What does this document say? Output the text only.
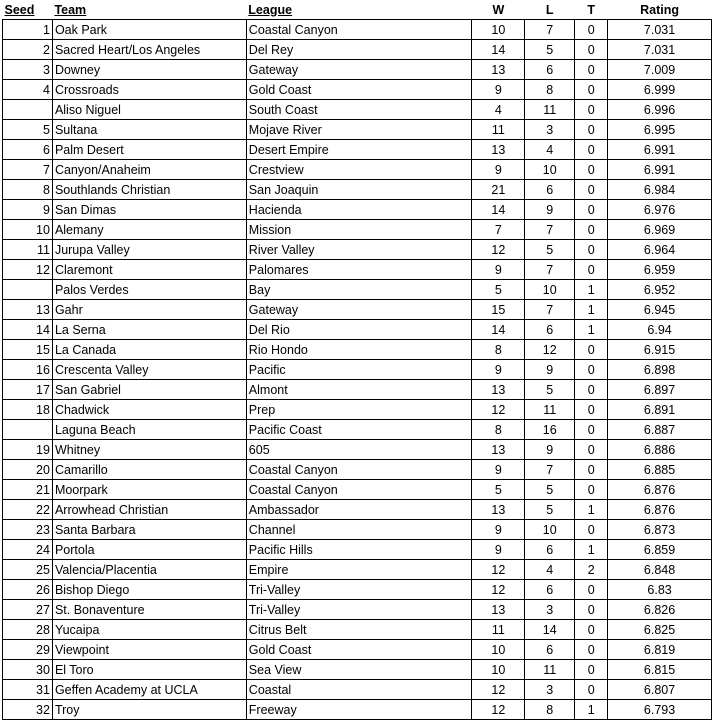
Seed	Team	League	W	L	T	Rating
1	Oak Park	Coastal Canyon	10	7	0	7.031
2	Sacred Heart/Los Angeles	Del Rey	14	5	0	7.031
3	Downey	Gateway	13	6	0	7.009
4	Crossroads	Gold Coast	9	8	0	6.999
	Aliso Niguel	South Coast	4	11	0	6.996
5	Sultana	Mojave River	11	3	0	6.995
6	Palm Desert	Desert Empire	13	4	0	6.991
7	Canyon/Anaheim	Crestview	9	10	0	6.991
8	Southlands Christian	San Joaquin	21	6	0	6.984
9	San Dimas	Hacienda	14	9	0	6.976
10	Alemany	Mission	7	7	0	6.969
11	Jurupa Valley	River Valley	12	5	0	6.964
12	Claremont	Palomares	9	7	0	6.959
	Palos Verdes	Bay	5	10	1	6.952
13	Gahr	Gateway	15	7	1	6.945
14	La Serna	Del Rio	14	6	1	6.94
15	La Canada	Rio Hondo	8	12	0	6.915
16	Crescenta Valley	Pacific	9	9	0	6.898
17	San Gabriel	Almont	13	5	0	6.897
18	Chadwick	Prep	12	11	0	6.891
	Laguna Beach	Pacific Coast	8	16	0	6.887
19	Whitney	605	13	9	0	6.886
20	Camarillo	Coastal Canyon	9	7	0	6.885
21	Moorpark	Coastal Canyon	5	5	0	6.876
22	Arrowhead Christian	Ambassador	13	5	1	6.876
23	Santa Barbara	Channel	9	10	0	6.873
24	Portola	Pacific Hills	9	6	1	6.859
25	Valencia/Placentia	Empire	12	4	2	6.848
26	Bishop Diego	Tri-Valley	12	6	0	6.83
27	St. Bonaventure	Tri-Valley	13	3	0	6.826
28	Yucaipa	Citrus Belt	11	14	0	6.825
29	Viewpoint	Gold Coast	10	6	0	6.819
30	El Toro	Sea View	10	11	0	6.815
31	Geffen Academy at UCLA	Coastal	12	3	0	6.807
32	Troy	Freeway	12	8	1	6.793
